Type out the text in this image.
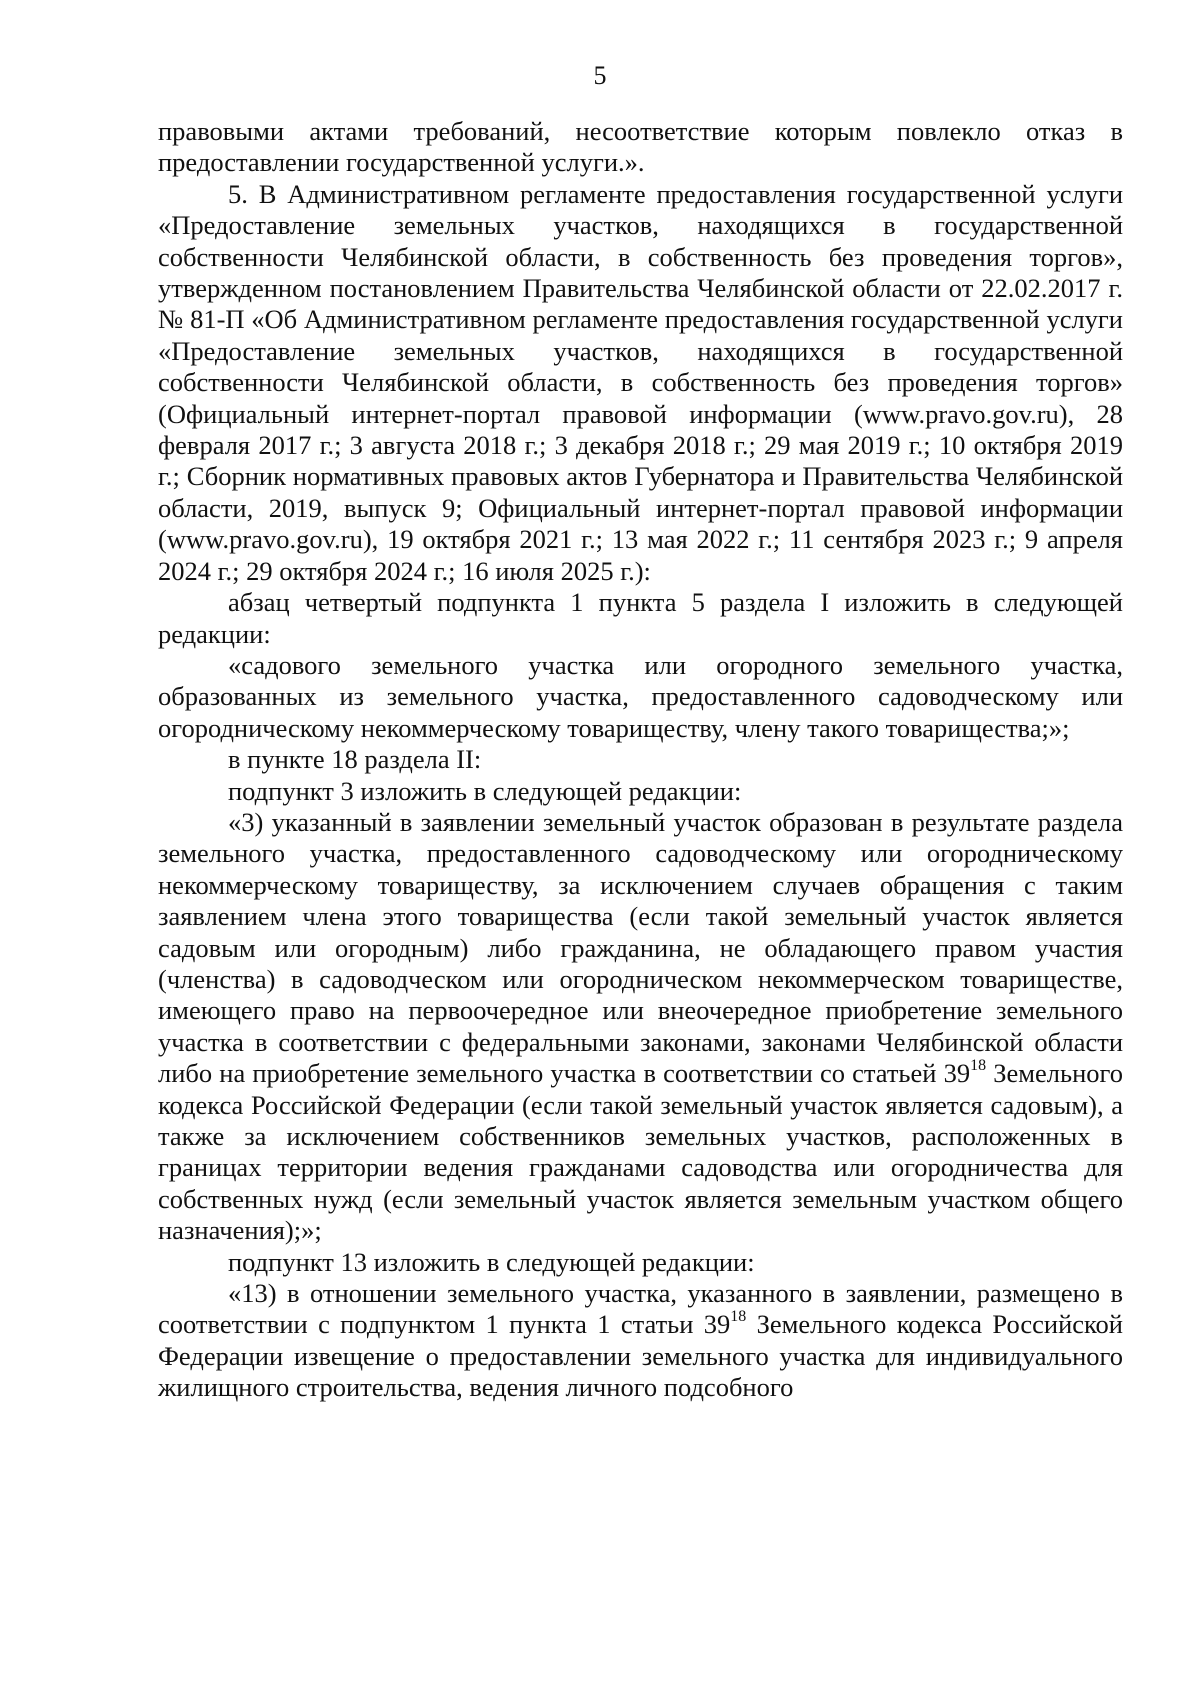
5

правовыми актами требований, несоответствие которым повлекло отказ в предоставлении государственной услуги.».

5. В Административном регламенте предоставления государственной услуги «Предоставление земельных участков, находящихся в государственной собственности Челябинской области, в собственность без проведения торгов», утвержденном постановлением Правительства Челябинской области от 22.02.2017 г. № 81-П «Об Административном регламенте предоставления государственной услуги «Предоставление земельных участков, находящихся в государственной собственности Челябинской области, в собственность без проведения торгов» (Официальный интернет-портал правовой информации (www.pravo.gov.ru), 28 февраля 2017 г.; 3 августа 2018 г.; 3 декабря 2018 г.; 29 мая 2019 г.; 10 октября 2019 г.; Сборник нормативных правовых актов Губернатора и Правительства Челябинской области, 2019, выпуск 9; Официальный интернет-портал правовой информации (www.pravo.gov.ru), 19 октября 2021 г.; 13 мая 2022 г.; 11 сентября 2023 г.; 9 апреля 2024 г.; 29 октября 2024 г.; 16 июля 2025 г.):

абзац четвертый подпункта 1 пункта 5 раздела I изложить в следующей редакции:

«садового земельного участка или огородного земельного участка, образованных из земельного участка, предоставленного садоводческому или огородническому некоммерческому товариществу, члену такого товарищества;»;

в пункте 18 раздела II:

подпункт 3 изложить в следующей редакции:

«3) указанный в заявлении земельный участок образован в результате раздела земельного участка, предоставленного садоводческому или огородническому некоммерческому товариществу, за исключением случаев обращения с таким заявлением члена этого товарищества (если такой земельный участок является садовым или огородным) либо гражданина, не обладающего правом участия (членства) в садоводческом или огородническом некоммерческом товариществе, имеющего право на первоочередное или внеочередное приобретение земельного участка в соответствии с федеральными законами, законами Челябинской области либо на приобретение земельного участка в соответствии со статьей $39^{18}$ Земельного кодекса Российской Федерации (если такой земельный участок является садовым), а также за исключением собственников земельных участков, расположенных в границах территории ведения гражданами садоводства или огородничества для собственных нужд (если земельный участок является земельным участком общего назначения);»;

подпункт 13 изложить в следующей редакции:

«13) в отношении земельного участка, указанного в заявлении, размещено в соответствии с подпунктом 1 пункта 1 статьи $39^{18}$ Земельного кодекса Российской Федерации извещение о предоставлении земельного участка для индивидуального жилищного строительства, ведения личного подсобного
